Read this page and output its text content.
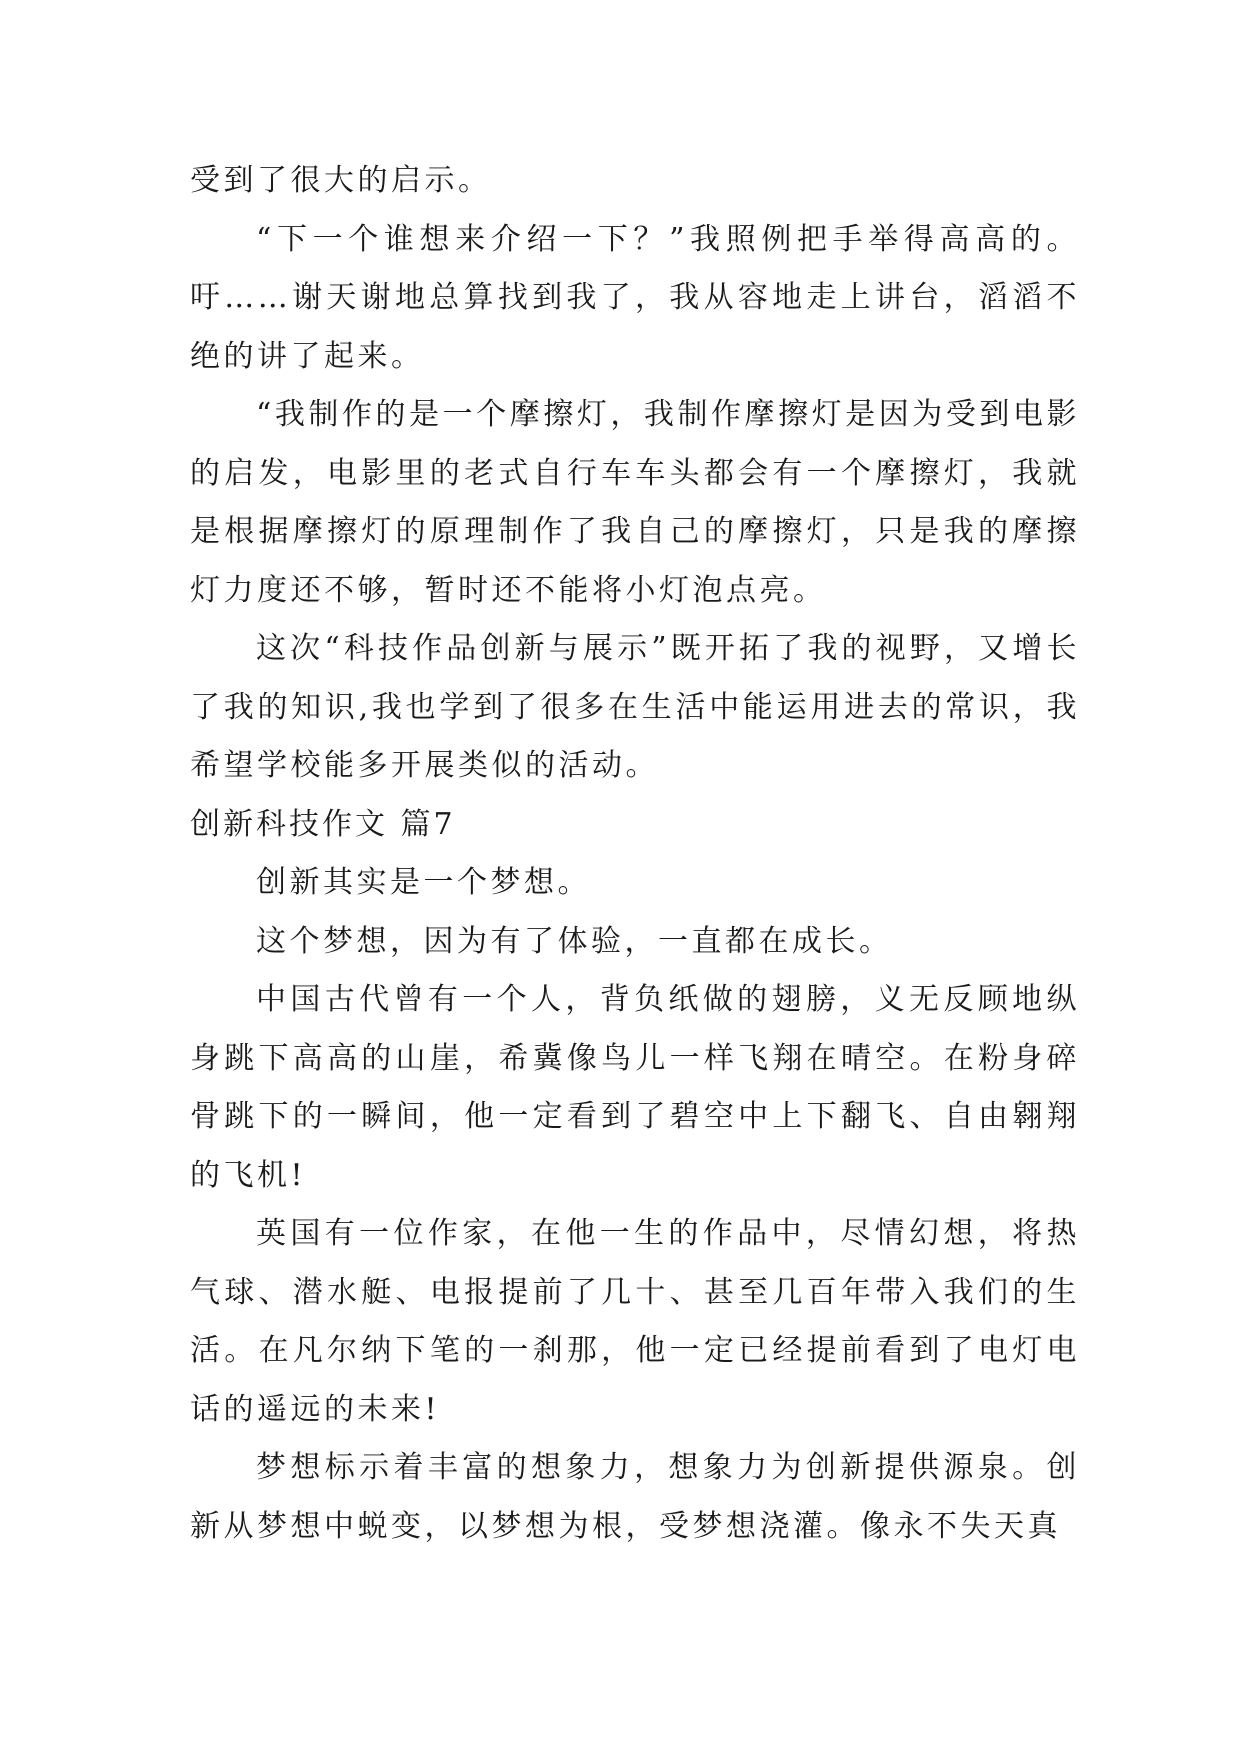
受到了很大的启示。

“下一个谁想来介绍一下？”我照例把手举得高高的。吁……谢天谢地总算找到我了，我从容地走上讲台，滔滔不绝的讲了起来。

“我制作的是一个摩擦灯，我制作摩擦灯是因为受到电影的启发，电影里的老式自行车车头都会有一个摩擦灯，我就是根据摩擦灯的原理制作了我自己的摩擦灯，只是我的摩擦灯力度还不够，暂时还不能将小灯泡点亮。

这次“科技作品创新与展示”既开拓了我的视野，又增长了我的知识,我也学到了很多在生活中能运用进去的常识，我希望学校能多开展类似的活动。

创新科技作文 篇7

创新其实是一个梦想。

这个梦想，因为有了体验，一直都在成长。

中国古代曾有一个人，背负纸做的翅膀，义无反顾地纵身跳下高高的山崖，希冀像鸟儿一样飞翔在晴空。在粉身碎骨跳下的一瞬间，他一定看到了碧空中上下翻飞、自由翱翔的飞机!

英国有一位作家，在他一生的作品中，尽情幻想，将热气球、潜水艇、电报提前了几十、甚至几百年带入我们的生活。在凡尔纳下笔的一刹那，他一定已经提前看到了电灯电话的遥远的未来!

梦想标示着丰富的想象力，想象力为创新提供源泉。创新从梦想中蜕变，以梦想为根，受梦想浇灌。像永不失天真
